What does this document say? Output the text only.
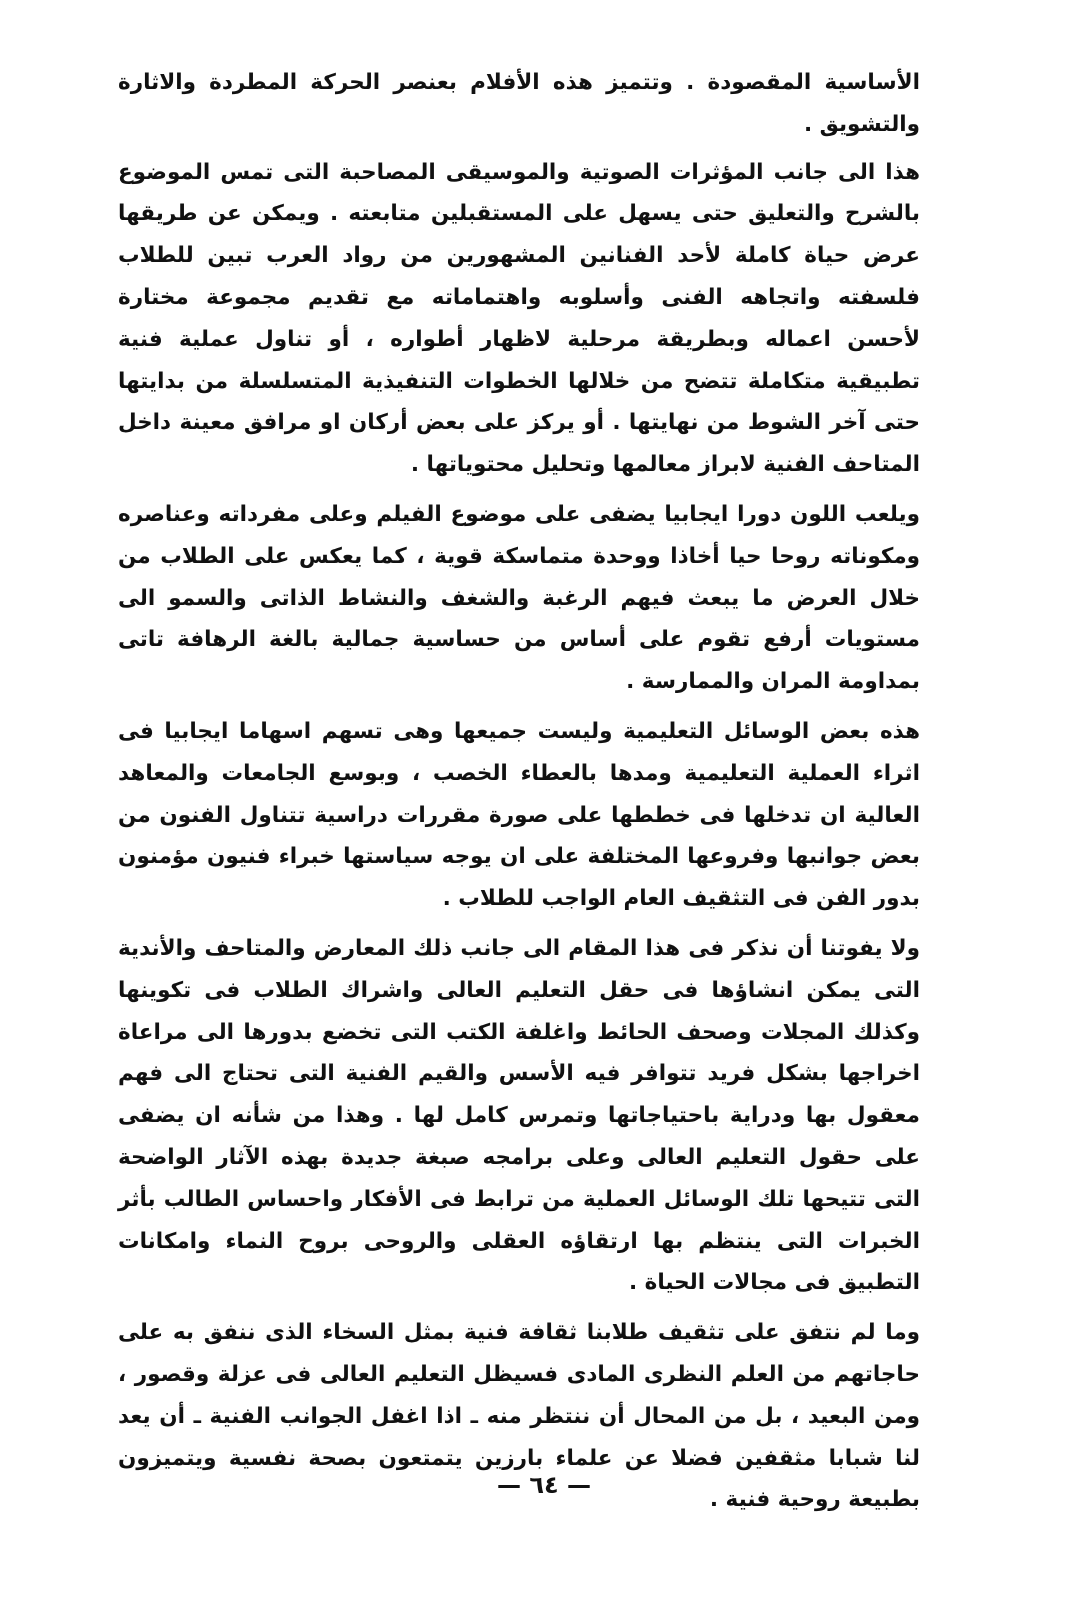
الأساسية المقصودة . وتتميز هذه الأفلام بعنصر الحركة المطردة والاثارة والتشويق .

هذا الى جانب المؤثرات الصوتية والموسيقى المصاحبة التى تمس الموضوع بالشرح والتعليق حتى يسهل على المستقبلين متابعته . ويمكن عن طريقها عرض حياة كاملة لأحد الفنانين المشهورين من رواد العرب تبين للطلاب فلسفته واتجاهه الفنى وأسلوبه واهتماماته مع تقديم مجموعة مختارة لأحسن اعماله وبطريقة مرحلية لاظهار أطواره ، أو تناول عملية فنية تطبيقية متكاملة تتضح من خلالها الخطوات التنفيذية المتسلسلة من بدايتها حتى آخر الشوط من نهايتها . أو يركز على بعض أركان او مرافق معينة داخل المتاحف الفنية لابراز معالمها وتحليل محتوياتها .

ويلعب اللون دورا ايجابيا يضفى على موضوع الفيلم وعلى مفرداته وعناصره ومكوناته روحا حيا أخاذا ووحدة متماسكة قوية ، كما يعكس على الطلاب من خلال العرض ما يبعث فيهم الرغبة والشغف والنشاط الذاتى والسمو الى مستويات أرفع تقوم على أساس من حساسية جمالية بالغة الرهافة تاتى بمداومة المران والممارسة .

هذه بعض الوسائل التعليمية وليست جميعها وهى تسهم اسهاما ايجابيا فى اثراء العملية التعليمية ومدها بالعطاء الخصب ، وبوسع الجامعات والمعاهد العالية ان تدخلها فى خططها على صورة مقررات دراسية تتناول الفنون من بعض جوانبها وفروعها المختلفة على ان يوجه سياستها خبراء فنيون مؤمنون بدور الفن فى التثقيف العام الواجب للطلاب .

ولا يفوتنا أن نذكر فى هذا المقام الى جانب ذلك المعارض والمتاحف والأندية التى يمكن انشاؤها فى حقل التعليم العالى واشراك الطلاب فى تكوينها وكذلك المجلات وصحف الحائط واغلفة الكتب التى تخضع بدورها الى مراعاة اخراجها بشكل فريد تتوافر فيه الأسس والقيم الفنية التى تحتاج الى فهم معقول بها ودراية باحتياجاتها وتمرس كامل لها . وهذا من شأنه ان يضفى على حقول التعليم العالى وعلى برامجه صبغة جديدة بهذه الآثار الواضحة التى تتيحها تلك الوسائل العملية من ترابط فى الأفكار واحساس الطالب بأثر الخبرات التى ينتظم بها ارتقاؤه العقلى والروحى بروح النماء وامكانات التطبيق فى مجالات الحياة .

وما لم نتفق على تثقيف طلابنا ثقافة فنية بمثل السخاء الذى ننفق به على حاجاتهم من العلم النظرى المادى فسيظل التعليم العالى فى عزلة وقصور ، ومن البعيد ، بل من المحال أن ننتظر منه ـ اذا اغفل الجوانب الفنية ـ أن يعد لنا شبابا مثقفين فضلا عن علماء بارزين يتمتعون بصحة نفسية ويتميزون بطبيعة روحية فنية .

— ٦٤ —
